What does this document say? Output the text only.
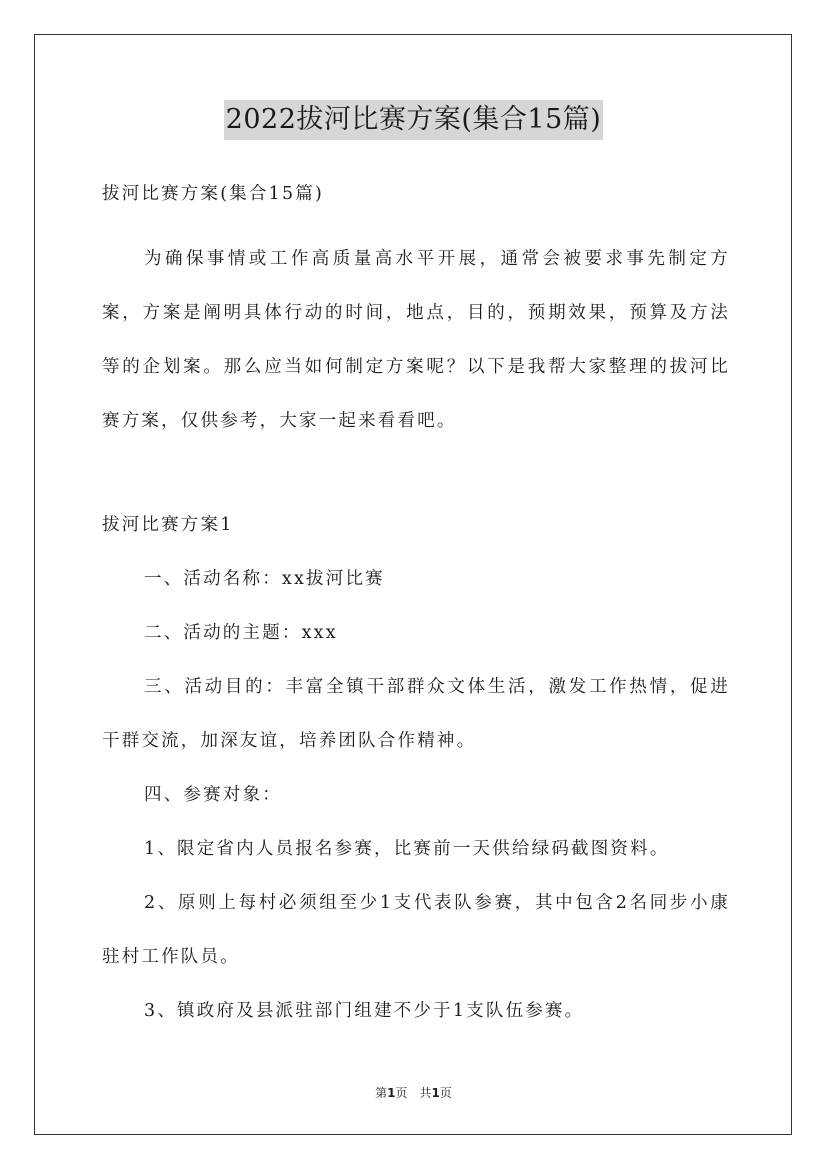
2022拔河比赛方案(集合15篇)

拔河比赛方案(集合15篇)

为确保事情或工作高质量高水平开展，通常会被要求事先制定方案，方案是阐明具体行动的时间，地点，目的，预期效果，预算及方法等的企划案。那么应当如何制定方案呢？以下是我帮大家整理的拔河比赛方案，仅供参考，大家一起来看看吧。

拔河比赛方案1

一、活动名称：xx拔河比赛

二、活动的主题：xxx

三、活动目的：丰富全镇干部群众文体生活，激发工作热情，促进干群交流，加深友谊，培养团队合作精神。

四、参赛对象：

1、限定省内人员报名参赛，比赛前一天供给绿码截图资料。

2、原则上每村必须组至少1支代表队参赛，其中包含2名同步小康驻村工作队员。

3、镇政府及县派驻部门组建不少于1支队伍参赛。

第1页　共1页
